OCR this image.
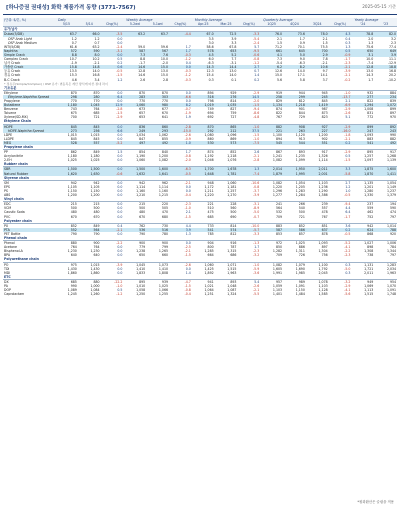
[하나증권 권대성] 화학 제품가격 동향 (3771-7567)	2025-05-15 기준
(단위: $/톤, %)	Daily			Weekly Average			Monthly Average			Quarterly Average				Yearly Average	
	5/15	5/14	Chg(%)	5-2wd	5-1wd	Chg(%)	Apr-25	Mar-25	Chg(%)	1Q25	4Q24	3Q24	Chg(%)	'24	'23
유가/납사															
Dubai(5/DB)	63.7	66.0	-3.5	63.2	63.7	-4.4	67.0	72.5	-3.3	76.0	73.6	78.0	4.3	78.8	82.0
OSP Arab Light	1.2	1.2	0.0				3.5	3.9	-5.4	2.1	1.7	2.1	0.4	2.0	3.2
OSP Arab Medium	0.7	0.7	0.0				3.0	3.3	-2.4	1.5	0.9	1.5	0.3	1.3	2.3
WTI(5/DB)	61.6	63.2	-2.4	59.0	59.6	1.7	58.6	67.8	5.7	71.2	70.1	75.5	1.3	75.6	77.4
Naphtha	572	590	-3.1	587	567	1.7	578	653	-9.5	661	645	700	0.5	650	649
Simple Crack	8.8	8.0	0.0	7.3	7.6	-0.3	4.5	5.2	-0.6	4.1	5.0	2.9	-0.9	3.1	3.9
Complex Crack	10.7	10.2	0.5	8.8	10.0	-1.2	6.0	7.7	-0.8	7.3	9.0	7.8	-1.7	10.0	11.1
납사 Crack	-1.9	-2.1	0.2	-1.7	-2.0	0.4	-6.3	-3.1	-1.2	-5.4	-6.3	-2.1	-2.3	-7.4	-12.9
가솔린 Crack	15.8	14.8	0.6	14.6	15.0	0.0	14.3	14.4	2.7	6.2	8.2	10.6	-2.1	12.8	18.8
등유 Crack	13.5	14.0	-0.5	12.8	13.0	-0.3	12.3	13.0	0.7	12.6	14.0	9.7	-3.9	13.0	16.8
경유 Crack	15.3	16.8	-1.5	14.6	15.0	-1.2	15.4	14.0	1.4	15.0	17.1	14.1	-2.1	14.3	20.2
B-C Crack	4.6	3.4	1.2	2.6	2.8	-0.3	0.3	0.1	0.2	5.6	5.8	3.7	-0.2	1.7	-10.2
* 정유주(Simple/Complex) / OSP 유가: 변동폭은 계산 방식에 따른 절대 차이															
기초유분															
Ethylene	870	870	0.0	870	870	0.0	894	929	-2.9	919	944	945	-1.0	932	884
Ethylene-Naphtha Spread	298	280	6.4	283	303	-6.6	316	276	14.5	258	299	245	-13.7	277	234
Propylene	770	770	0.0	770	770	0.0	798	814	-2.0	829	812	845	2.1	822	839
Butadiene	1,180	1,045	12.9	1,060	980	8.2	1,019	1,035	-1.5	1,134	1,218	1,419	-6.9	1,294	1,072
Benzene	743	764	-2.8	673	677	-0.7	749	827	-9.4	874	901	987	-2.9	1,008	899
Toluene	675	685	-1.5	657	670	-1.9	694	759	-8.6	822	844	873	-2.6	831	897
Xylene(SD-MX)	700	721	-2.9	653	641	1.9	692	727	-4.8	767	729	823	5.1	772	970
Ethylene Chain															
HDPE	845	845	0.0	836	860	-2.8	870	865	-1.0	882	908	927	-2.9	899	892
HDPE-Naphtha Spread	273	256	6.6	249	293	-15.0	292	212	37.5	221	263	227	-16.0	247	243
LDPE	1,015	1,015	0.0	1,034	1,062	-2.6	1,080	1,096	-1.5	1,100	1,120	1,200	-1.8	1,093	990
LLDPE	845	845	0.0	847	855	-0.9	860	869	-1.0	894	913	902	-2.1	883	882
MEG	528	557	-5.2	497	492	1.0	530	573	-7.5	545	544	551	0.2	541	492
Propylene chain															
PP	862	849	1.5	854	840	1.7	874	852	2.6	867	893	917	-2.9	895	917
Acrylonitrile	1,180	1,180	0.0	1,190	1,200	-0.8	1,192	1,218	-2.1	1,241	1,235	1,326	0.5	1,257	1,268
2-EH	1,025	1,025	0.0	1,060	1,082	-2.0	1,046	1,076	-2.8	1,082	1,099	1,114	-1.5	1,097	1,139
Rubber chain															
SBR	1,500	1,500	0.0	1,500	1,600	-6.3	1,700	1,678	1.3	2,014	1,950	2,011	3.3	1,875	1,600
Natural Rubber	1,620	1,630	-0.6	1,632	1,641	-0.5	1,648	1,781	-7.4	1,879	1,995	2,001	-5.8	1,870	1,411
Styrene chain															
SM	942	942	0.0	942	962	-2.1	948	1,060	-10.6	1,082	1,054	1,103	2.7	1,135	1,054
EPS	1,105	1,105	0.0	1,114	1,114	0.0	1,172	1,181	-0.8	1,220	1,205	1,236	1.2	1,201	1,149
PS	1,150	1,150	0.0	1,160	1,160	0.0	1,211	1,257	-3.7	1,296	1,283	1,290	1.0	1,280	1,237
ABS	1,200	1,200	0.0	1,210	1,215	-0.4	1,220	1,270	-3.9	1,277	1,284	1,386	-0.5	1,330	1,379
Vinyl chain															
EDC	215	215	0.0	215	220	-2.3	221	228	-3.1	241	266	239	-9.4	237	194
VCM	500	500	0.0	500	505	-1.0	510	560	-8.9	564	540	557	4.4	559	590
Caustic Soda	480	480	0.0	480	470	2.1	475	500	-5.0	532	500	478	6.4	462	474
PVC	670	670	0.0	670	680	-1.5	685	690	-0.7	709	721	767	-1.7	752	797
Polyester chain															
PX	852	849	0.4	762	730	4.4	733	814	-10.0	883	852	851	3.6	942	1,014
PTA	552	564	-2.1	536	516	3.9	541	574	-5.7	587	586	637	0.2	624	788
PET Bottle	790	790	0.0	790	780	1.3	785	812	-3.3	853	857	878	-0.5	868	920
Phenol chain															
Phenol	880	900	-2.2	900	900	0.0	904	916	-1.3	972	1,025	1,093	-5.2	1,027	1,006
Acetone	764	764	0.0	779	799	-2.5	800	787	1.7	850	886	897	-4.1	898	784
Bisphenol-A	1,230	1,230	0.0	1,238	1,265	-2.1	1,285	1,315	-2.3	1,282	1,311	1,304	-2.2	1,308	1,344
BPA	640	640	0.0	650	660	-1.5	664	686	-3.2	709	726	756	-2.3	738	797
Polyurethane chain															
PO	975	1,015	-3.9	1,045	1,073	-2.6	1,060	1,071	-1.0	1,082	1,079	1,100	0.3	1,131	1,283
TDI	1,430	1,430	0.0	1,410	1,410	0.0	1,425	1,515	-5.9	1,605	1,690	1,792	-5.0	1,721	2,034
MDI	1,860	1,860	0.0	1,833	1,808	1.4	1,892	1,963	-3.6	1,991	1,985	2,045	0.3	2,011	1,963
ETC															
DX	685	880	-22.2	895	939	-4.7	941	893	5.4	957	989	1,078	-3.2	949	954
PA	990	1,000	-1.0	1,010	1,025	-1.5	1,021	1,048	-2.6	1,059	1,091	1,103	-2.9	1,069	1,070
DOP	1,089	1,084	0.5	1,058	1,066	-0.8	1,064	1,087	-2.1	1,103	1,150	1,128	-4.1	1,113	1,091
Caprolactam	1,245	1,260	-1.2	1,250	1,255	-0.4	1,251	1,324	-5.5	1,401	1,484	1,585	-5.6	1,515	1,748
*원화환산은 슬림을 적용
